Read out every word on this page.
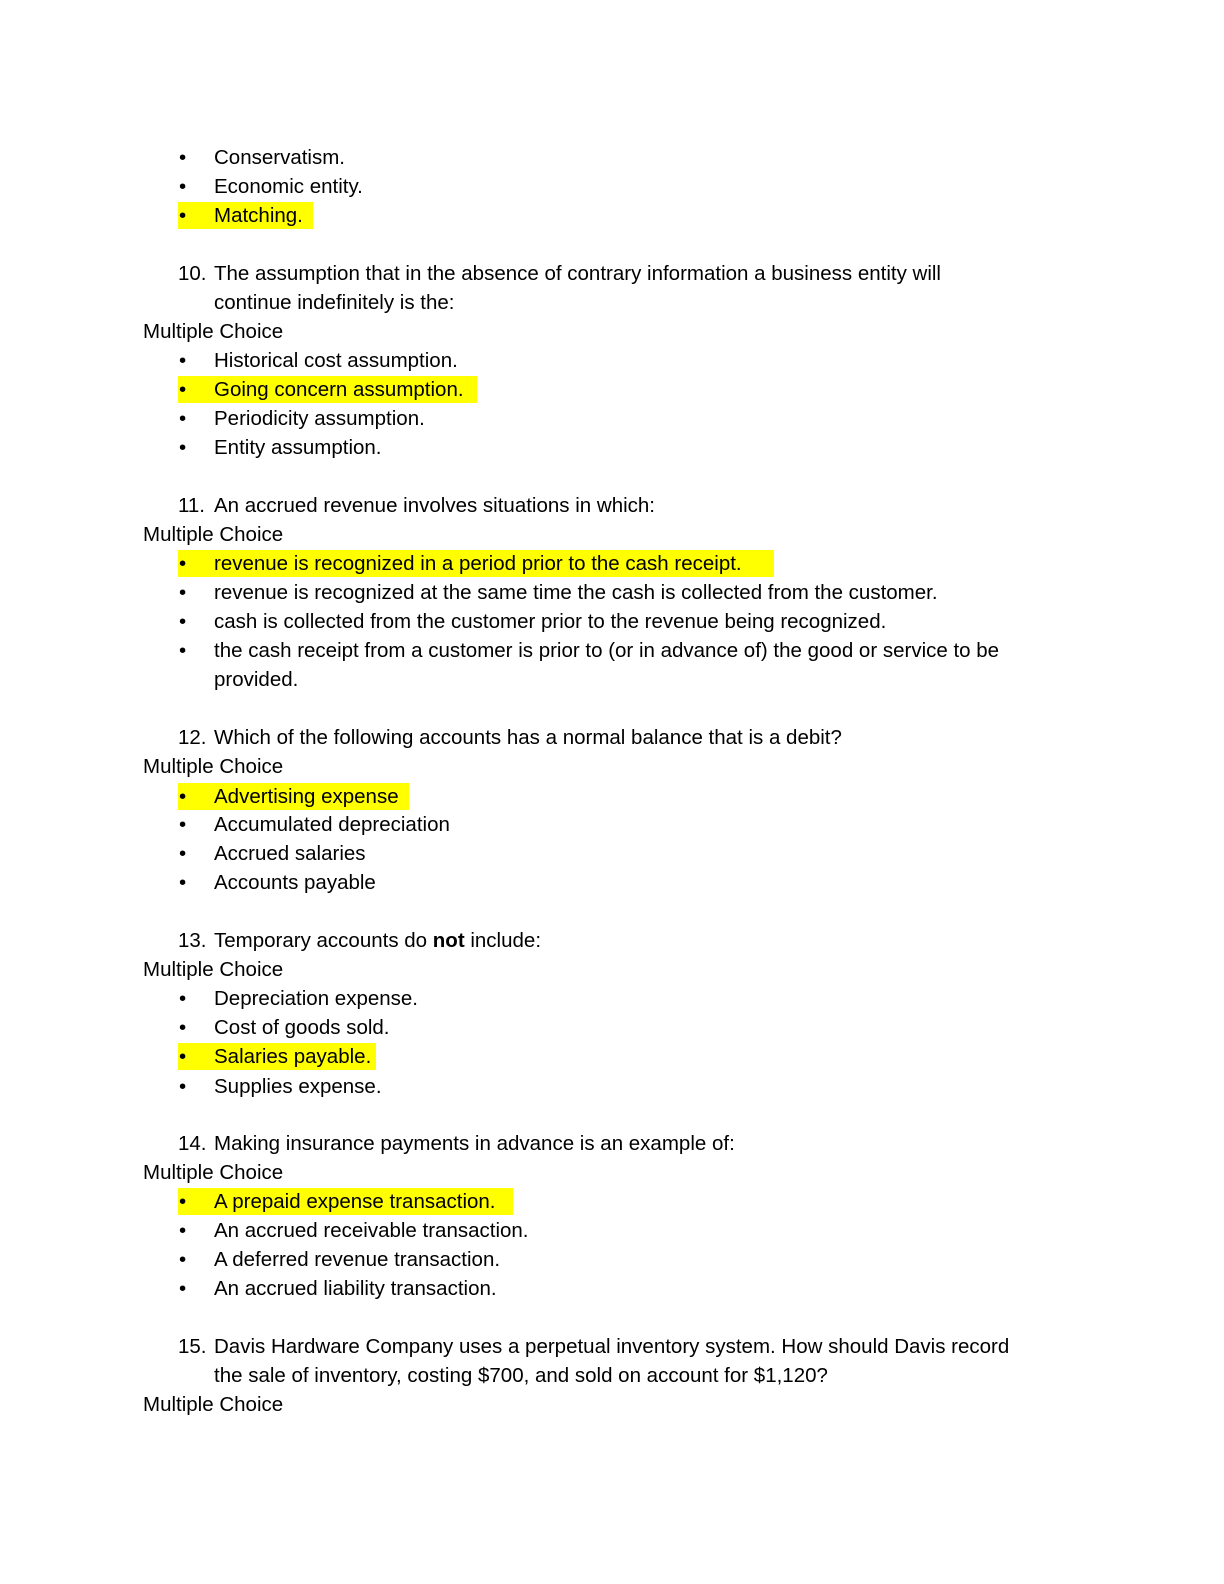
Conservatism.
Economic entity.
Matching.
10. The assumption that in the absence of contrary information a business entity will
continue indefinitely is the:
Multiple Choice
Historical cost assumption.
Going concern assumption.
Periodicity assumption.
Entity assumption.
11. An accrued revenue involves situations in which:
Multiple Choice
revenue is recognized in a period prior to the cash receipt.
revenue is recognized at the same time the cash is collected from the customer.
cash is collected from the customer prior to the revenue being recognized.
the cash receipt from a customer is prior to (or in advance of) the good or service to be
provided.
12. Which of the following accounts has a normal balance that is a debit?
Multiple Choice
Advertising expense
Accumulated depreciation
Accrued salaries
Accounts payable
13. Temporary accounts do not include:
Multiple Choice
Depreciation expense.
Cost of goods sold.
Salaries payable.
Supplies expense.
14. Making insurance payments in advance is an example of:
Multiple Choice
A prepaid expense transaction.
An accrued receivable transaction.
A deferred revenue transaction.
An accrued liability transaction.
15. Davis Hardware Company uses a perpetual inventory system. How should Davis record
the sale of inventory, costing $700, and sold on account for $1,120?
Multiple Choice
